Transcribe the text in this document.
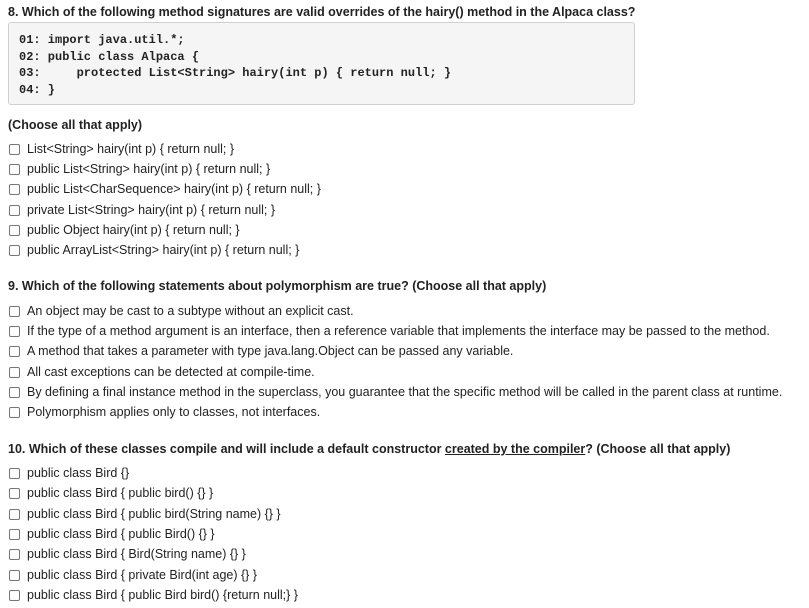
8. Which of the following method signatures are valid overrides of the hairy() method in the Alpaca class?
01: import java.util.*;
02: public class Alpaca {
03:     protected List<String> hairy(int p) { return null; }
04: }
(Choose all that apply)
List<String> hairy(int p) { return null; }
public List<String> hairy(int p) { return null; }
public List<CharSequence> hairy(int p) { return null; }
private List<String> hairy(int p) { return null; }
public Object hairy(int p) { return null; }
public ArrayList<String> hairy(int p) { return null; }
9. Which of the following statements about polymorphism are true? (Choose all that apply)
An object may be cast to a subtype without an explicit cast.
If the type of a method argument is an interface, then a reference variable that implements the interface may be passed to the method.
A method that takes a parameter with type java.lang.Object can be passed any variable.
All cast exceptions can be detected at compile-time.
By defining a final instance method in the superclass, you guarantee that the specific method will be called in the parent class at runtime.
Polymorphism applies only to classes, not interfaces.
10. Which of these classes compile and will include a default constructor created by the compiler? (Choose all that apply)
public class Bird {}
public class Bird { public bird() {} }
public class Bird { public bird(String name) {} }
public class Bird { public Bird() {} }
public class Bird { Bird(String name) {} }
public class Bird { private Bird(int age) {} }
public class Bird { public Bird bird() {return null;} }
